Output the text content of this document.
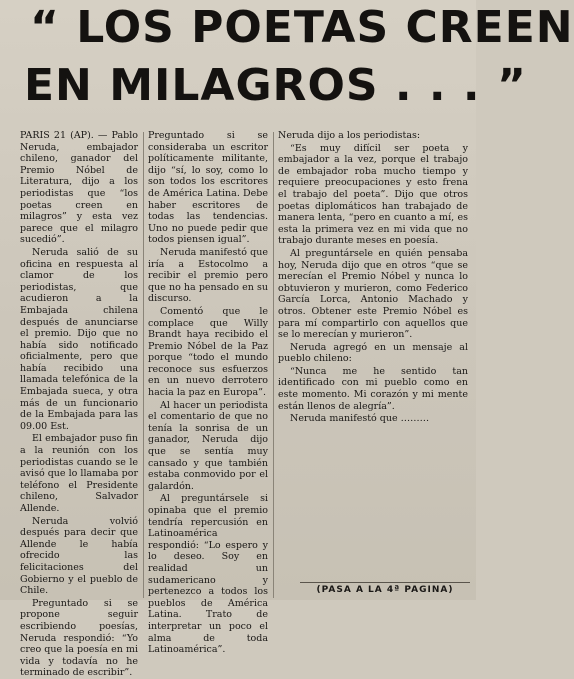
“ LOS POETAS CREEN
EN MILAGROS . . . ”

PARIS 21 (AP). — Pablo Neruda, embajador chileno, ganador del Premio Nóbel de Literatura, dijo a los periodistas que “los poetas creen en milagros” y esta vez parece que el milagro sucedió”.

Neruda salió de su oficina en respuesta al clamor de los periodistas, que acudieron a la Embajada chilena después de anunciarse el premio. Dijo que no había sido notificado oficialmente, pero que había recibido una llamada telefónica de la Embajada sueca, y otra más de un funcionario de la Embajada para las 09.00 Est.

El embajador puso fin a la reunión con los periodistas cuando se le avisó que lo llamaba por teléfono el Presidente chileno, Salvador Allende.

Neruda volvió después para decir que Allende le había ofrecido las felicitaciones del Gobierno y el pueblo de Chile.

Preguntado si se propone seguir escribiendo poesías, Neruda respondió: “Yo creo que la poesía en mi vida y todavía no he terminado de escribir”.

Preguntado si se consideraba un escritor políticamente militante, dijo “sí, lo soy, como lo son todos los escritores de América Latina. Debe haber escritores de todas las tendencias. Uno no puede pedir que todos piensen igual”.

Neruda manifestó que iría a Estocolmo a recibir el premio pero que no ha pensado en su discurso.

Comentó que le complace que Willy Brandt haya recibido el Premio Nóbel de la Paz porque “todo el mundo reconoce sus esfuerzos en un nuevo derrotero hacia la paz en Europa”.

Al hacer un periodista el comentario de que no tenía la sonrisa de un ganador, Neruda dijo que se sentía muy cansado y que también estaba conmovido por el galardón.

Al preguntársele si opinaba que el premio tendría repercusión en Latinoamérica respondió: “Lo espero y lo deseo. Soy en realidad un sudamericano y pertenezco a todos los pueblos de América Latina. Trato de interpretar un poco el alma de toda Latinoamérica”.

Neruda dijo a los periodistas:

“Es muy difícil ser poeta y embajador a la vez, porque el trabajo de embajador roba mucho tiempo y requiere preocupaciones y esto frena el trabajo del poeta”. Dijo que otros poetas diplomáticos han trabajado de manera lenta, “pero en cuanto a mí, es esta la primera vez en mi vida que no trabajo durante meses en poesía.

Al preguntársele en quién pensaba hoy, Neruda dijo que en otros “que se merecían el Premio Nóbel y nunca lo obtuvieron y murieron, como Federico García Lorca, Antonio Machado y otros. Obtener este Premio Nóbel es para mí compartirlo con aquellos que se lo merecían y murieron”.

Neruda agregó en un mensaje al pueblo chileno:

“Nunca me he sentido tan identificado con mi pueblo como en este momento. Mi corazón y mi mente están llenos de alegría”.

Neruda manifestó que ………

(PASA A LA 4ª PAGINA)
